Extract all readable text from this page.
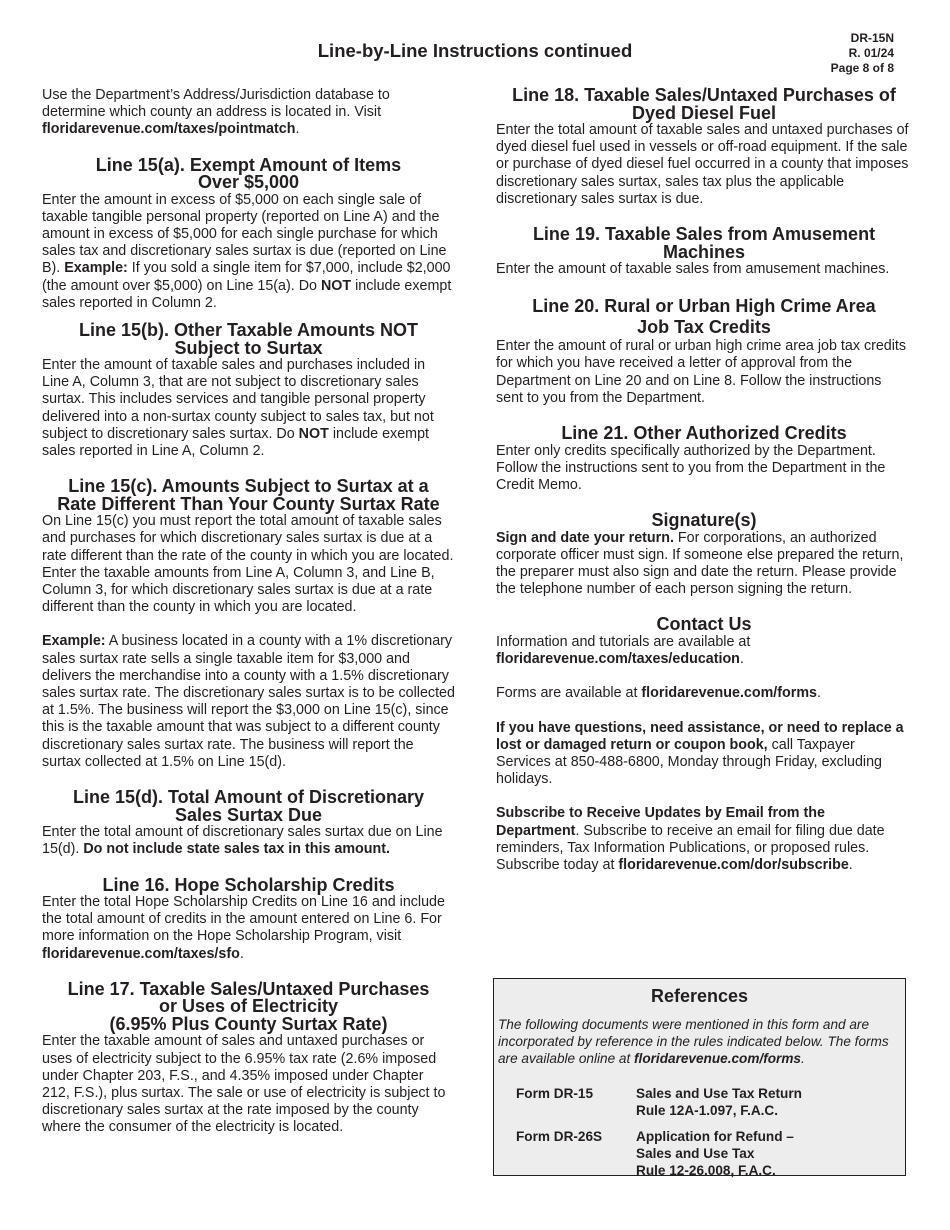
Line-by-Line Instructions continued
DR-15N
R. 01/24
Page 8 of 8

Use the Department’s Address/Jurisdiction database to determine which county an address is located in. Visit floridarevenue.com/taxes/pointmatch.

Line 15(a). Exempt Amount of Items
Over $5,000

Enter the amount in excess of $5,000 on each single sale of taxable tangible personal property (reported on Line A) and the amount in excess of $5,000 for each single purchase for which sales tax and discretionary sales surtax is due (reported on Line B). Example: If you sold a single item for $7,000, include $2,000 (the amount over $5,000) on Line 15(a). Do NOT include exempt sales reported in Column 2.

Line 15(b). Other Taxable Amounts NOT
Subject to Surtax

Enter the amount of taxable sales and purchases included in Line A, Column 3, that are not subject to discretionary sales surtax. This includes services and tangible personal property delivered into a non-surtax county subject to sales tax, but not subject to discretionary sales surtax. Do NOT include exempt sales reported in Line A, Column 2.

Line 15(c). Amounts Subject to Surtax at a
Rate Different Than Your County Surtax Rate

On Line 15(c) you must report the total amount of taxable sales and purchases for which discretionary sales surtax is due at a rate different than the rate of the county in which you are located. Enter the taxable amounts from Line A, Column 3, and Line B, Column 3, for which discretionary sales surtax is due at a rate different than the county in which you are located.

Example: A business located in a county with a 1% discretionary sales surtax rate sells a single taxable item for $3,000 and delivers the merchandise into a county with a 1.5% discretionary sales surtax rate. The discretionary sales surtax is to be collected at 1.5%. The business will report the $3,000 on Line 15(c), since this is the taxable amount that was subject to a different county discretionary sales surtax rate. The business will report the surtax collected at 1.5% on Line 15(d).

Line 15(d). Total Amount of Discretionary
Sales Surtax Due

Enter the total amount of discretionary sales surtax due on Line 15(d). Do not include state sales tax in this amount.

Line 16. Hope Scholarship Credits

Enter the total Hope Scholarship Credits on Line 16 and include the total amount of credits in the amount entered on Line 6. For more information on the Hope Scholarship Program, visit floridarevenue.com/taxes/sfo.

Line 17. Taxable Sales/Untaxed Purchases
or Uses of Electricity
(6.95% Plus County Surtax Rate)

Enter the taxable amount of sales and untaxed purchases or uses of electricity subject to the 6.95% tax rate (2.6% imposed under Chapter 203, F.S., and 4.35% imposed under Chapter 212, F.S.), plus surtax. The sale or use of electricity is subject to discretionary sales surtax at the rate imposed by the county where the consumer of the electricity is located.

Line 18. Taxable Sales/Untaxed Purchases of
Dyed Diesel Fuel

Enter the total amount of taxable sales and untaxed purchases of dyed diesel fuel used in vessels or off-road equipment. If the sale or purchase of dyed diesel fuel occurred in a county that imposes discretionary sales surtax, sales tax plus the applicable discretionary sales surtax is due.

Line 19. Taxable Sales from Amusement
Machines

Enter the amount of taxable sales from amusement machines.

Line 20. Rural or Urban High Crime Area
Job Tax Credits

Enter the amount of rural or urban high crime area job tax credits for which you have received a letter of approval from the Department on Line 20 and on Line 8. Follow the instructions sent to you from the Department.

Line 21. Other Authorized Credits

Enter only credits specifically authorized by the Department. Follow the instructions sent to you from the Department in the Credit Memo.

Signature(s)

Sign and date your return. For corporations, an authorized corporate officer must sign. If someone else prepared the return, the preparer must also sign and date the return. Please provide the telephone number of each person signing the return.

Contact Us

Information and tutorials are available at floridarevenue.com/taxes/education.

Forms are available at floridarevenue.com/forms.

If you have questions, need assistance, or need to replace a lost or damaged return or coupon book, call Taxpayer Services at 850-488-6800, Monday through Friday, excluding holidays.

Subscribe to Receive Updates by Email from the Department. Subscribe to receive an email for filing due date reminders, Tax Information Publications, or proposed rules. Subscribe today at floridarevenue.com/dor/subscribe.

References

The following documents were mentioned in this form and are incorporated by reference in the rules indicated below. The forms are available online at floridarevenue.com/forms.

Form DR-15	Sales and Use Tax Return
Rule 12A-1.097, F.A.C.
Form DR-26S	Application for Refund –
Sales and Use Tax
Rule 12-26.008, F.A.C.
